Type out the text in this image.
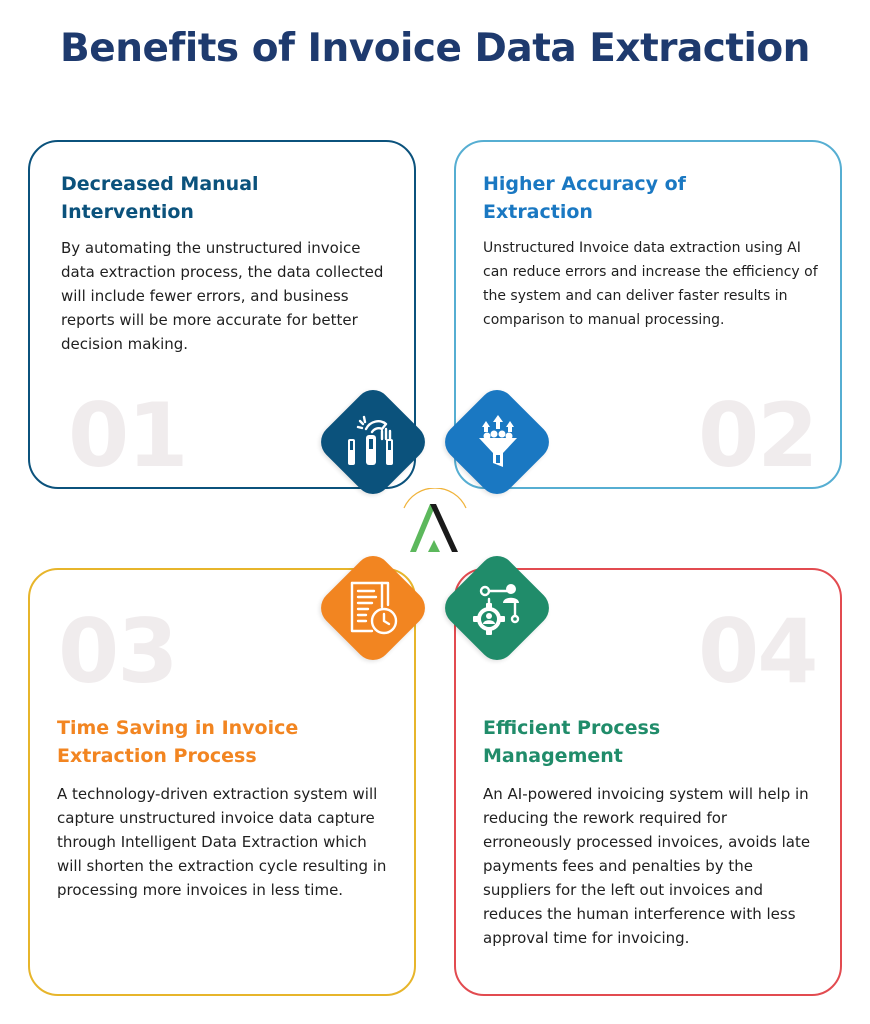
Benefits of Invoice Data Extraction
01
Decreased Manual
Intervention

By automating the unstructured invoice data extraction process, the data collected will include fewer errors, and business reports will be more accurate for better decision making.

02
Higher Accuracy of
Extraction

Unstructured Invoice data extraction using AI can reduce errors and increase the efficiency of the system and can deliver faster results in comparison to manual processing.

03
Time Saving in Invoice
Extraction Process

A technology-driven extraction system will capture unstructured invoice data capture through Intelligent Data Extraction which will shorten the extraction cycle resulting in processing more invoices in less time.

04
Efficient Process
Management

An AI-powered invoicing system will help in reducing the rework required for erroneously processed invoices, avoids late payments fees and penalties by the suppliers for the left out invoices and reduces the human interference with less approval time for invoicing.
